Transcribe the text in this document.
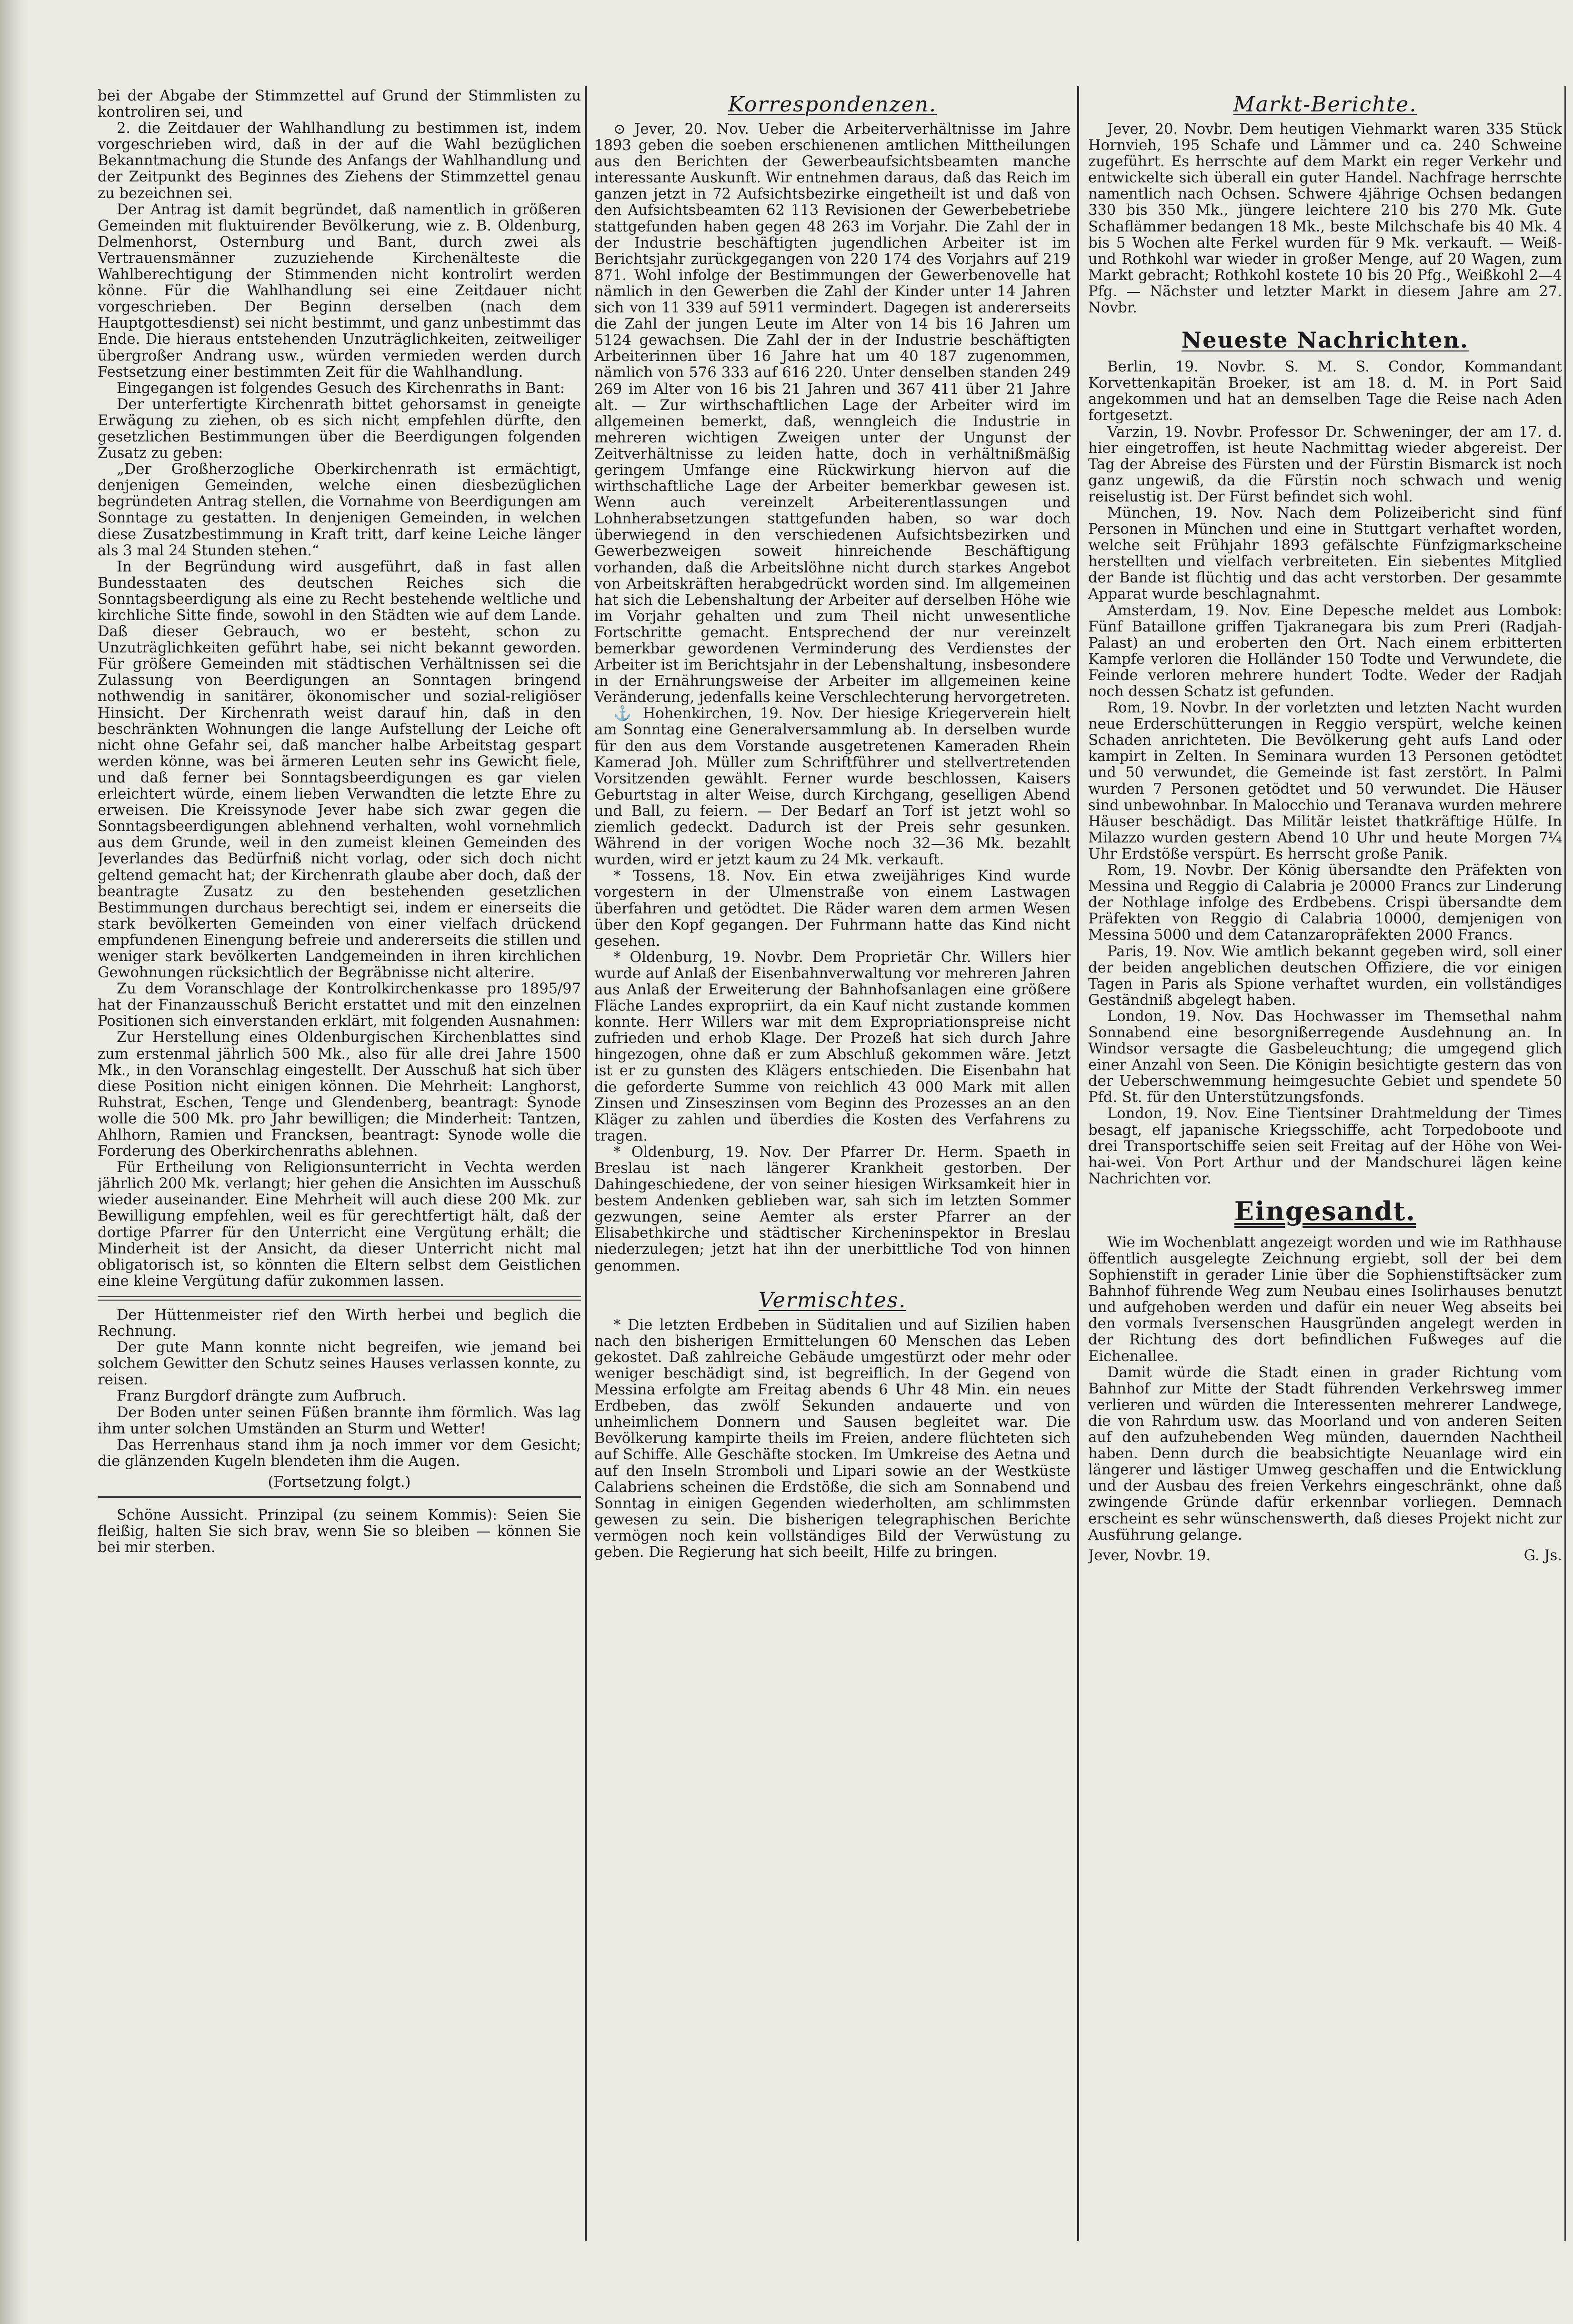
bei der Abgabe der Stimmzettel auf Grund der Stimmlisten zu kontroliren sei, und

2. die Zeitdauer der Wahlhandlung zu bestimmen ist, indem vorgeschrieben wird, daß in der auf die Wahl bezüglichen Bekanntmachung die Stunde des Anfangs der Wahlhandlung und der Zeitpunkt des Beginnes des Ziehens der Stimmzettel genau zu bezeichnen sei.

Der Antrag ist damit begründet, daß namentlich in größeren Gemeinden mit fluktuirender Bevölkerung, wie z. B. Oldenburg, Delmenhorst, Osternburg und Bant, durch zwei als Vertrauensmänner zuzuziehende Kirchenälteste die Wahlberechtigung der Stimmenden nicht kontrolirt werden könne. Für die Wahlhandlung sei eine Zeitdauer nicht vorgeschrieben. Der Beginn derselben (nach dem Hauptgottesdienst) sei nicht bestimmt, und ganz unbestimmt das Ende. Die hieraus entstehenden Unzuträglichkeiten, zeitweiliger übergroßer Andrang usw., würden vermieden werden durch Festsetzung einer bestimmten Zeit für die Wahlhandlung.

Eingegangen ist folgendes Gesuch des Kirchenraths in Bant:

Der unterfertigte Kirchenrath bittet gehorsamst in geneigte Erwägung zu ziehen, ob es sich nicht empfehlen dürfte, den gesetzlichen Bestimmungen über die Beerdigungen folgenden Zusatz zu geben:

„Der Großherzogliche Oberkirchenrath ist ermächtigt, denjenigen Gemeinden, welche einen diesbezüglichen begründeten Antrag stellen, die Vornahme von Beerdigungen am Sonntage zu gestatten. In denjenigen Gemeinden, in welchen diese Zusatzbestimmung in Kraft tritt, darf keine Leiche länger als 3 mal 24 Stunden stehen.“

In der Begründung wird ausgeführt, daß in fast allen Bundesstaaten des deutschen Reiches sich die Sonntagsbeerdigung als eine zu Recht bestehende weltliche und kirchliche Sitte finde, sowohl in den Städten wie auf dem Lande. Daß dieser Gebrauch, wo er besteht, schon zu Unzuträglichkeiten geführt habe, sei nicht bekannt geworden. Für größere Gemeinden mit städtischen Verhältnissen sei die Zulassung von Beerdigungen an Sonntagen bringend nothwendig in sanitärer, ökonomischer und sozial-religiöser Hinsicht. Der Kirchenrath weist darauf hin, daß in den beschränkten Wohnungen die lange Aufstellung der Leiche oft nicht ohne Gefahr sei, daß mancher halbe Arbeitstag gespart werden könne, was bei ärmeren Leuten sehr ins Gewicht fiele, und daß ferner bei Sonntagsbeerdigungen es gar vielen erleichtert würde, einem lieben Verwandten die letzte Ehre zu erweisen. Die Kreissynode Jever habe sich zwar gegen die Sonntagsbeerdigungen ablehnend verhalten, wohl vornehmlich aus dem Grunde, weil in den zumeist kleinen Gemeinden des Jeverlandes das Bedürfniß nicht vorlag, oder sich doch nicht geltend gemacht hat; der Kirchenrath glaube aber doch, daß der beantragte Zusatz zu den bestehenden gesetzlichen Bestimmungen durchaus berechtigt sei, indem er einerseits die stark bevölkerten Gemeinden von einer vielfach drückend empfundenen Einengung befreie und andererseits die stillen und weniger stark bevölkerten Landgemeinden in ihren kirchlichen Gewohnungen rücksichtlich der Begräbnisse nicht alterire.

Zu dem Voranschlage der Kontrolkirchenkasse pro 1895/97 hat der Finanzausschuß Bericht erstattet und mit den einzelnen Positionen sich einverstanden erklärt, mit folgenden Ausnahmen:

Zur Herstellung eines Oldenburgischen Kirchenblattes sind zum erstenmal jährlich 500 Mk., also für alle drei Jahre 1500 Mk., in den Voranschlag eingestellt. Der Ausschuß hat sich über diese Position nicht einigen können. Die Mehrheit: Langhorst, Ruhstrat, Eschen, Tenge und Glendenberg, beantragt: Synode wolle die 500 Mk. pro Jahr bewilligen; die Minderheit: Tantzen, Ahlhorn, Ramien und Francksen, beantragt: Synode wolle die Forderung des Oberkirchenraths ablehnen.

Für Ertheilung von Religionsunterricht in Vechta werden jährlich 200 Mk. verlangt; hier gehen die Ansichten im Ausschuß wieder auseinander. Eine Mehrheit will auch diese 200 Mk. zur Bewilligung empfehlen, weil es für gerechtfertigt hält, daß der dortige Pfarrer für den Unterricht eine Vergütung erhält; die Minderheit ist der Ansicht, da dieser Unterricht nicht mal obligatorisch ist, so könnten die Eltern selbst dem Geistlichen eine kleine Vergütung dafür zukommen lassen.

Der Hüttenmeister rief den Wirth herbei und beglich die Rechnung.

Der gute Mann konnte nicht begreifen, wie jemand bei solchem Gewitter den Schutz seines Hauses verlassen konnte, zu reisen.

Franz Burgdorf drängte zum Aufbruch.

Der Boden unter seinen Füßen brannte ihm förmlich. Was lag ihm unter solchen Umständen an Sturm und Wetter!

Das Herrenhaus stand ihm ja noch immer vor dem Gesicht; die glänzenden Kugeln blendeten ihm die Augen.

(Fortsetzung folgt.)

Schöne Aussicht. Prinzipal (zu seinem Kommis): Seien Sie fleißig, halten Sie sich brav, wenn Sie so bleiben — können Sie bei mir sterben.

Korrespondenzen.

⊙ Jever, 20. Nov. Ueber die Arbeiterverhältnisse im Jahre 1893 geben die soeben erschienenen amtlichen Mittheilungen aus den Berichten der Gewerbeaufsichtsbeamten manche interessante Auskunft. Wir entnehmen daraus, daß das Reich im ganzen jetzt in 72 Aufsichtsbezirke eingetheilt ist und daß von den Aufsichtsbeamten 62 113 Revisionen der Gewerbebetriebe stattgefunden haben gegen 48 263 im Vorjahr. Die Zahl der in der Industrie beschäftigten jugendlichen Arbeiter ist im Berichtsjahr zurückgegangen von 220 174 des Vorjahrs auf 219 871. Wohl infolge der Bestimmungen der Gewerbenovelle hat nämlich in den Gewerben die Zahl der Kinder unter 14 Jahren sich von 11 339 auf 5911 vermindert. Dagegen ist andererseits die Zahl der jungen Leute im Alter von 14 bis 16 Jahren um 5124 gewachsen. Die Zahl der in der Industrie beschäftigten Arbeiterinnen über 16 Jahre hat um 40 187 zugenommen, nämlich von 576 333 auf 616 220. Unter denselben standen 249 269 im Alter von 16 bis 21 Jahren und 367 411 über 21 Jahre alt. — Zur wirthschaftlichen Lage der Arbeiter wird im allgemeinen bemerkt, daß, wenngleich die Industrie in mehreren wichtigen Zweigen unter der Ungunst der Zeitverhältnisse zu leiden hatte, doch in verhältnißmäßig geringem Umfange eine Rückwirkung hiervon auf die wirthschaftliche Lage der Arbeiter bemerkbar gewesen ist. Wenn auch vereinzelt Arbeiterentlassungen und Lohnherabsetzungen stattgefunden haben, so war doch überwiegend in den verschiedenen Aufsichtsbezirken und Gewerbezweigen soweit hinreichende Beschäftigung vorhanden, daß die Arbeitslöhne nicht durch starkes Angebot von Arbeitskräften herabgedrückt worden sind. Im allgemeinen hat sich die Lebenshaltung der Arbeiter auf derselben Höhe wie im Vorjahr gehalten und zum Theil nicht unwesentliche Fortschritte gemacht. Entsprechend der nur vereinzelt bemerkbar gewordenen Verminderung des Verdienstes der Arbeiter ist im Berichtsjahr in der Lebenshaltung, insbesondere in der Ernährungsweise der Arbeiter im allgemeinen keine Veränderung, jedenfalls keine Verschlechterung hervorgetreten.

⚓ Hohenkirchen, 19. Nov. Der hiesige Kriegerverein hielt am Sonntag eine Generalversammlung ab. In derselben wurde für den aus dem Vorstande ausgetretenen Kameraden Rhein Kamerad Joh. Müller zum Schriftführer und stellvertretenden Vorsitzenden gewählt. Ferner wurde beschlossen, Kaisers Geburtstag in alter Weise, durch Kirchgang, geselligen Abend und Ball, zu feiern. — Der Bedarf an Torf ist jetzt wohl so ziemlich gedeckt. Dadurch ist der Preis sehr gesunken. Während in der vorigen Woche noch 32—36 Mk. bezahlt wurden, wird er jetzt kaum zu 24 Mk. verkauft.

* Tossens, 18. Nov. Ein etwa zweijähriges Kind wurde vorgestern in der Ulmenstraße von einem Lastwagen überfahren und getödtet. Die Räder waren dem armen Wesen über den Kopf gegangen. Der Fuhrmann hatte das Kind nicht gesehen.

* Oldenburg, 19. Novbr. Dem Proprietär Chr. Willers hier wurde auf Anlaß der Eisenbahnverwaltung vor mehreren Jahren aus Anlaß der Erweiterung der Bahnhofsanlagen eine größere Fläche Landes expropriirt, da ein Kauf nicht zustande kommen konnte. Herr Willers war mit dem Expropriationspreise nicht zufrieden und erhob Klage. Der Prozeß hat sich durch Jahre hingezogen, ohne daß er zum Abschluß gekommen wäre. Jetzt ist er zu gunsten des Klägers entschieden. Die Eisenbahn hat die geforderte Summe von reichlich 43 000 Mark mit allen Zinsen und Zinseszinsen vom Beginn des Prozesses an an den Kläger zu zahlen und überdies die Kosten des Verfahrens zu tragen.

* Oldenburg, 19. Nov. Der Pfarrer Dr. Herm. Spaeth in Breslau ist nach längerer Krankheit gestorben. Der Dahingeschiedene, der von seiner hiesigen Wirksamkeit hier in bestem Andenken geblieben war, sah sich im letzten Sommer gezwungen, seine Aemter als erster Pfarrer an der Elisabethkirche und städtischer Kircheninspektor in Breslau niederzulegen; jetzt hat ihn der unerbittliche Tod von hinnen genommen.

Vermischtes.

* Die letzten Erdbeben in Süditalien und auf Sizilien haben nach den bisherigen Ermittelungen 60 Menschen das Leben gekostet. Daß zahlreiche Gebäude umgestürzt oder mehr oder weniger beschädigt sind, ist begreiflich. In der Gegend von Messina erfolgte am Freitag abends 6 Uhr 48 Min. ein neues Erdbeben, das zwölf Sekunden andauerte und von unheimlichem Donnern und Sausen begleitet war. Die Bevölkerung kampirte theils im Freien, andere flüchteten sich auf Schiffe. Alle Geschäfte stocken. Im Umkreise des Aetna und auf den Inseln Stromboli und Lipari sowie an der Westküste Calabriens scheinen die Erdstöße, die sich am Sonnabend und Sonntag in einigen Gegenden wiederholten, am schlimmsten gewesen zu sein. Die bisherigen telegraphischen Berichte vermögen noch kein vollständiges Bild der Verwüstung zu geben. Die Regierung hat sich beeilt, Hilfe zu bringen.

Markt-Berichte.

Jever, 20. Novbr. Dem heutigen Viehmarkt waren 335 Stück Hornvieh, 195 Schafe und Lämmer und ca. 240 Schweine zugeführt. Es herrschte auf dem Markt ein reger Verkehr und entwickelte sich überall ein guter Handel. Nachfrage herrschte namentlich nach Ochsen. Schwere 4jährige Ochsen bedangen 330 bis 350 Mk., jüngere leichtere 210 bis 270 Mk. Gute Schaflämmer bedangen 18 Mk., beste Milchschafe bis 40 Mk. 4 bis 5 Wochen alte Ferkel wurden für 9 Mk. verkauft. — Weiß- und Rothkohl war wieder in großer Menge, auf 20 Wagen, zum Markt gebracht; Rothkohl kostete 10 bis 20 Pfg., Weißkohl 2—4 Pfg. — Nächster und letzter Markt in diesem Jahre am 27. Novbr.

Neueste Nachrichten.

Berlin, 19. Novbr. S. M. S. Condor, Kommandant Korvettenkapitän Broeker, ist am 18. d. M. in Port Said angekommen und hat an demselben Tage die Reise nach Aden fortgesetzt.

Varzin, 19. Novbr. Professor Dr. Schweninger, der am 17. d. hier eingetroffen, ist heute Nachmittag wieder abgereist. Der Tag der Abreise des Fürsten und der Fürstin Bismarck ist noch ganz ungewiß, da die Fürstin noch schwach und wenig reiselustig ist. Der Fürst befindet sich wohl.

München, 19. Nov. Nach dem Polizeibericht sind fünf Personen in München und eine in Stuttgart verhaftet worden, welche seit Frühjahr 1893 gefälschte Fünfzigmarkscheine herstellten und vielfach verbreiteten. Ein siebentes Mitglied der Bande ist flüchtig und das acht verstorben. Der gesammte Apparat wurde beschlagnahmt.

Amsterdam, 19. Nov. Eine Depesche meldet aus Lombok: Fünf Bataillone griffen Tjakranegara bis zum Preri (Radjah-Palast) an und eroberten den Ort. Nach einem erbitterten Kampfe verloren die Holländer 150 Todte und Verwundete, die Feinde verloren mehrere hundert Todte. Weder der Radjah noch dessen Schatz ist gefunden.

Rom, 19. Novbr. In der vorletzten und letzten Nacht wurden neue Erderschütterungen in Reggio verspürt, welche keinen Schaden anrichteten. Die Bevölkerung geht aufs Land oder kampirt in Zelten. In Seminara wurden 13 Personen getödtet und 50 verwundet, die Gemeinde ist fast zerstört. In Palmi wurden 7 Personen getödtet und 50 verwundet. Die Häuser sind unbewohnbar. In Malocchio und Teranava wurden mehrere Häuser beschädigt. Das Militär leistet thatkräftige Hülfe. In Milazzo wurden gestern Abend 10 Uhr und heute Morgen 7¼ Uhr Erdstöße verspürt. Es herrscht große Panik.

Rom, 19. Novbr. Der König übersandte den Präfekten von Messina und Reggio di Calabria je 20000 Francs zur Linderung der Nothlage infolge des Erdbebens. Crispi übersandte dem Präfekten von Reggio di Calabria 10000, demjenigen von Messina 5000 und dem Catanzaropräfekten 2000 Francs.

Paris, 19. Nov. Wie amtlich bekannt gegeben wird, soll einer der beiden angeblichen deutschen Offiziere, die vor einigen Tagen in Paris als Spione verhaftet wurden, ein vollständiges Geständniß abgelegt haben.

London, 19. Nov. Das Hochwasser im Themsethal nahm Sonnabend eine besorgnißerregende Ausdehnung an. In Windsor versagte die Gasbeleuchtung; die umgegend glich einer Anzahl von Seen. Die Königin besichtigte gestern das von der Ueberschwemmung heimgesuchte Gebiet und spendete 50 Pfd. St. für den Unterstützungsfonds.

London, 19. Nov. Eine Tientsiner Drahtmeldung der Times besagt, elf japanische Kriegsschiffe, acht Torpedoboote und drei Transportschiffe seien seit Freitag auf der Höhe von Wei-hai-wei. Von Port Arthur und der Mandschurei lägen keine Nachrichten vor.

Eingesandt.

Wie im Wochenblatt angezeigt worden und wie im Rathhause öffentlich ausgelegte Zeichnung ergiebt, soll der bei dem Sophienstift in gerader Linie über die Sophienstiftsäcker zum Bahnhof führende Weg zum Neubau eines Isolirhauses benutzt und aufgehoben werden und dafür ein neuer Weg abseits bei den vormals Iversenschen Hausgründen angelegt werden in der Richtung des dort befindlichen Fußweges auf die Eichenallee.

Damit würde die Stadt einen in grader Richtung vom Bahnhof zur Mitte der Stadt führenden Verkehrsweg immer verlieren und würden die Interessenten mehrerer Landwege, die von Rahrdum usw. das Moorland und von anderen Seiten auf den aufzuhebenden Weg münden, dauernden Nachtheil haben. Denn durch die beabsichtigte Neuanlage wird ein längerer und lästiger Umweg geschaffen und die Entwicklung und der Ausbau des freien Verkehrs eingeschränkt, ohne daß zwingende Gründe dafür erkennbar vorliegen. Demnach erscheint es sehr wünschenswerth, daß dieses Projekt nicht zur Ausführung gelange.

Jever, Novbr. 19.	G. Js.
